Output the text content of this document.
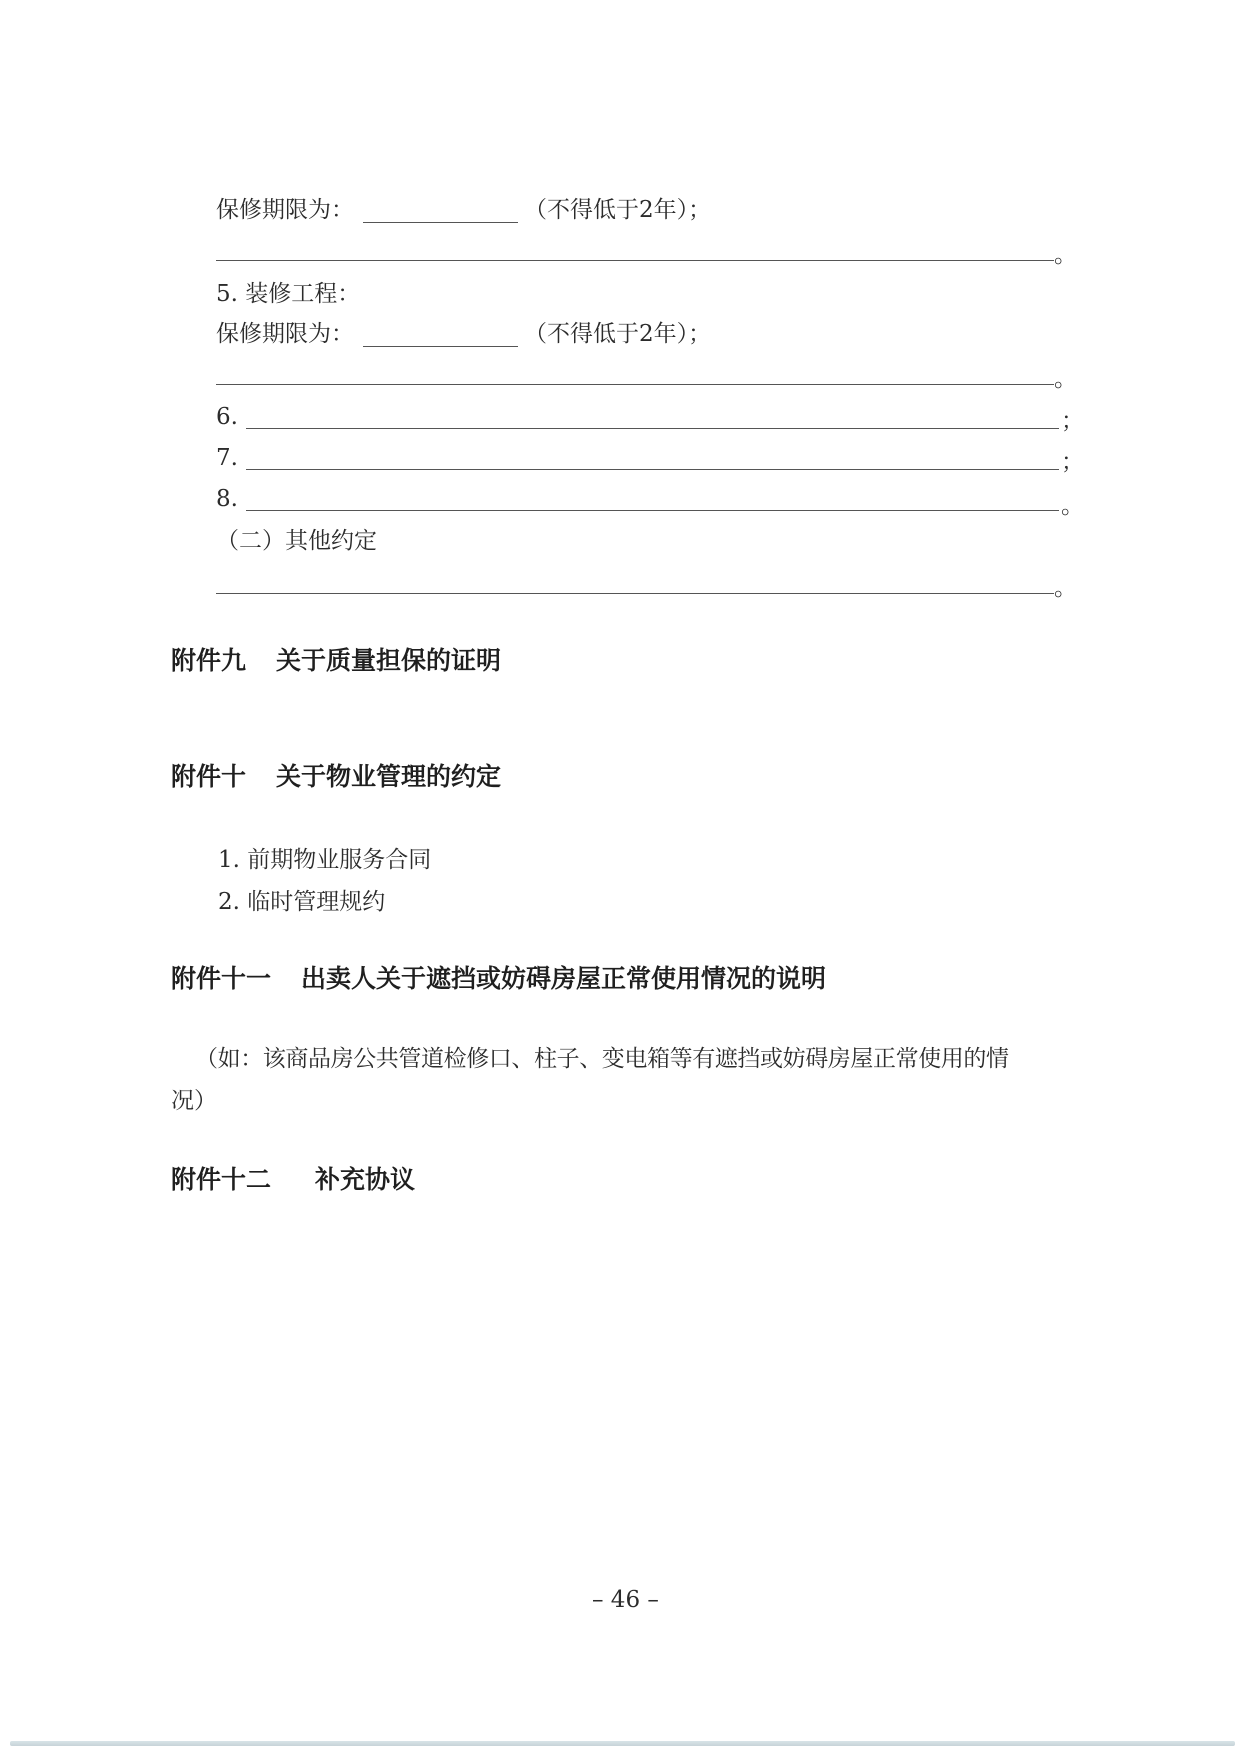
保修期限为：	（不得低于2年）；
。
5. 装修工程：
保修期限为：	（不得低于2年）；
。
6.	；
7.	；
8.	。
（二）其他约定
。
附件九 关于质量担保的证明
附件十 关于物业管理的约定
1. 前期物业服务合同
2. 临时管理规约
附件十一 出卖人关于遮挡或妨碍房屋正常使用情况的说明
（如：该商品房公共管道检修口、柱子、变电箱等有遮挡或妨碍房屋正常使用的情
况）
附件十二 补充协议
– 46 –
